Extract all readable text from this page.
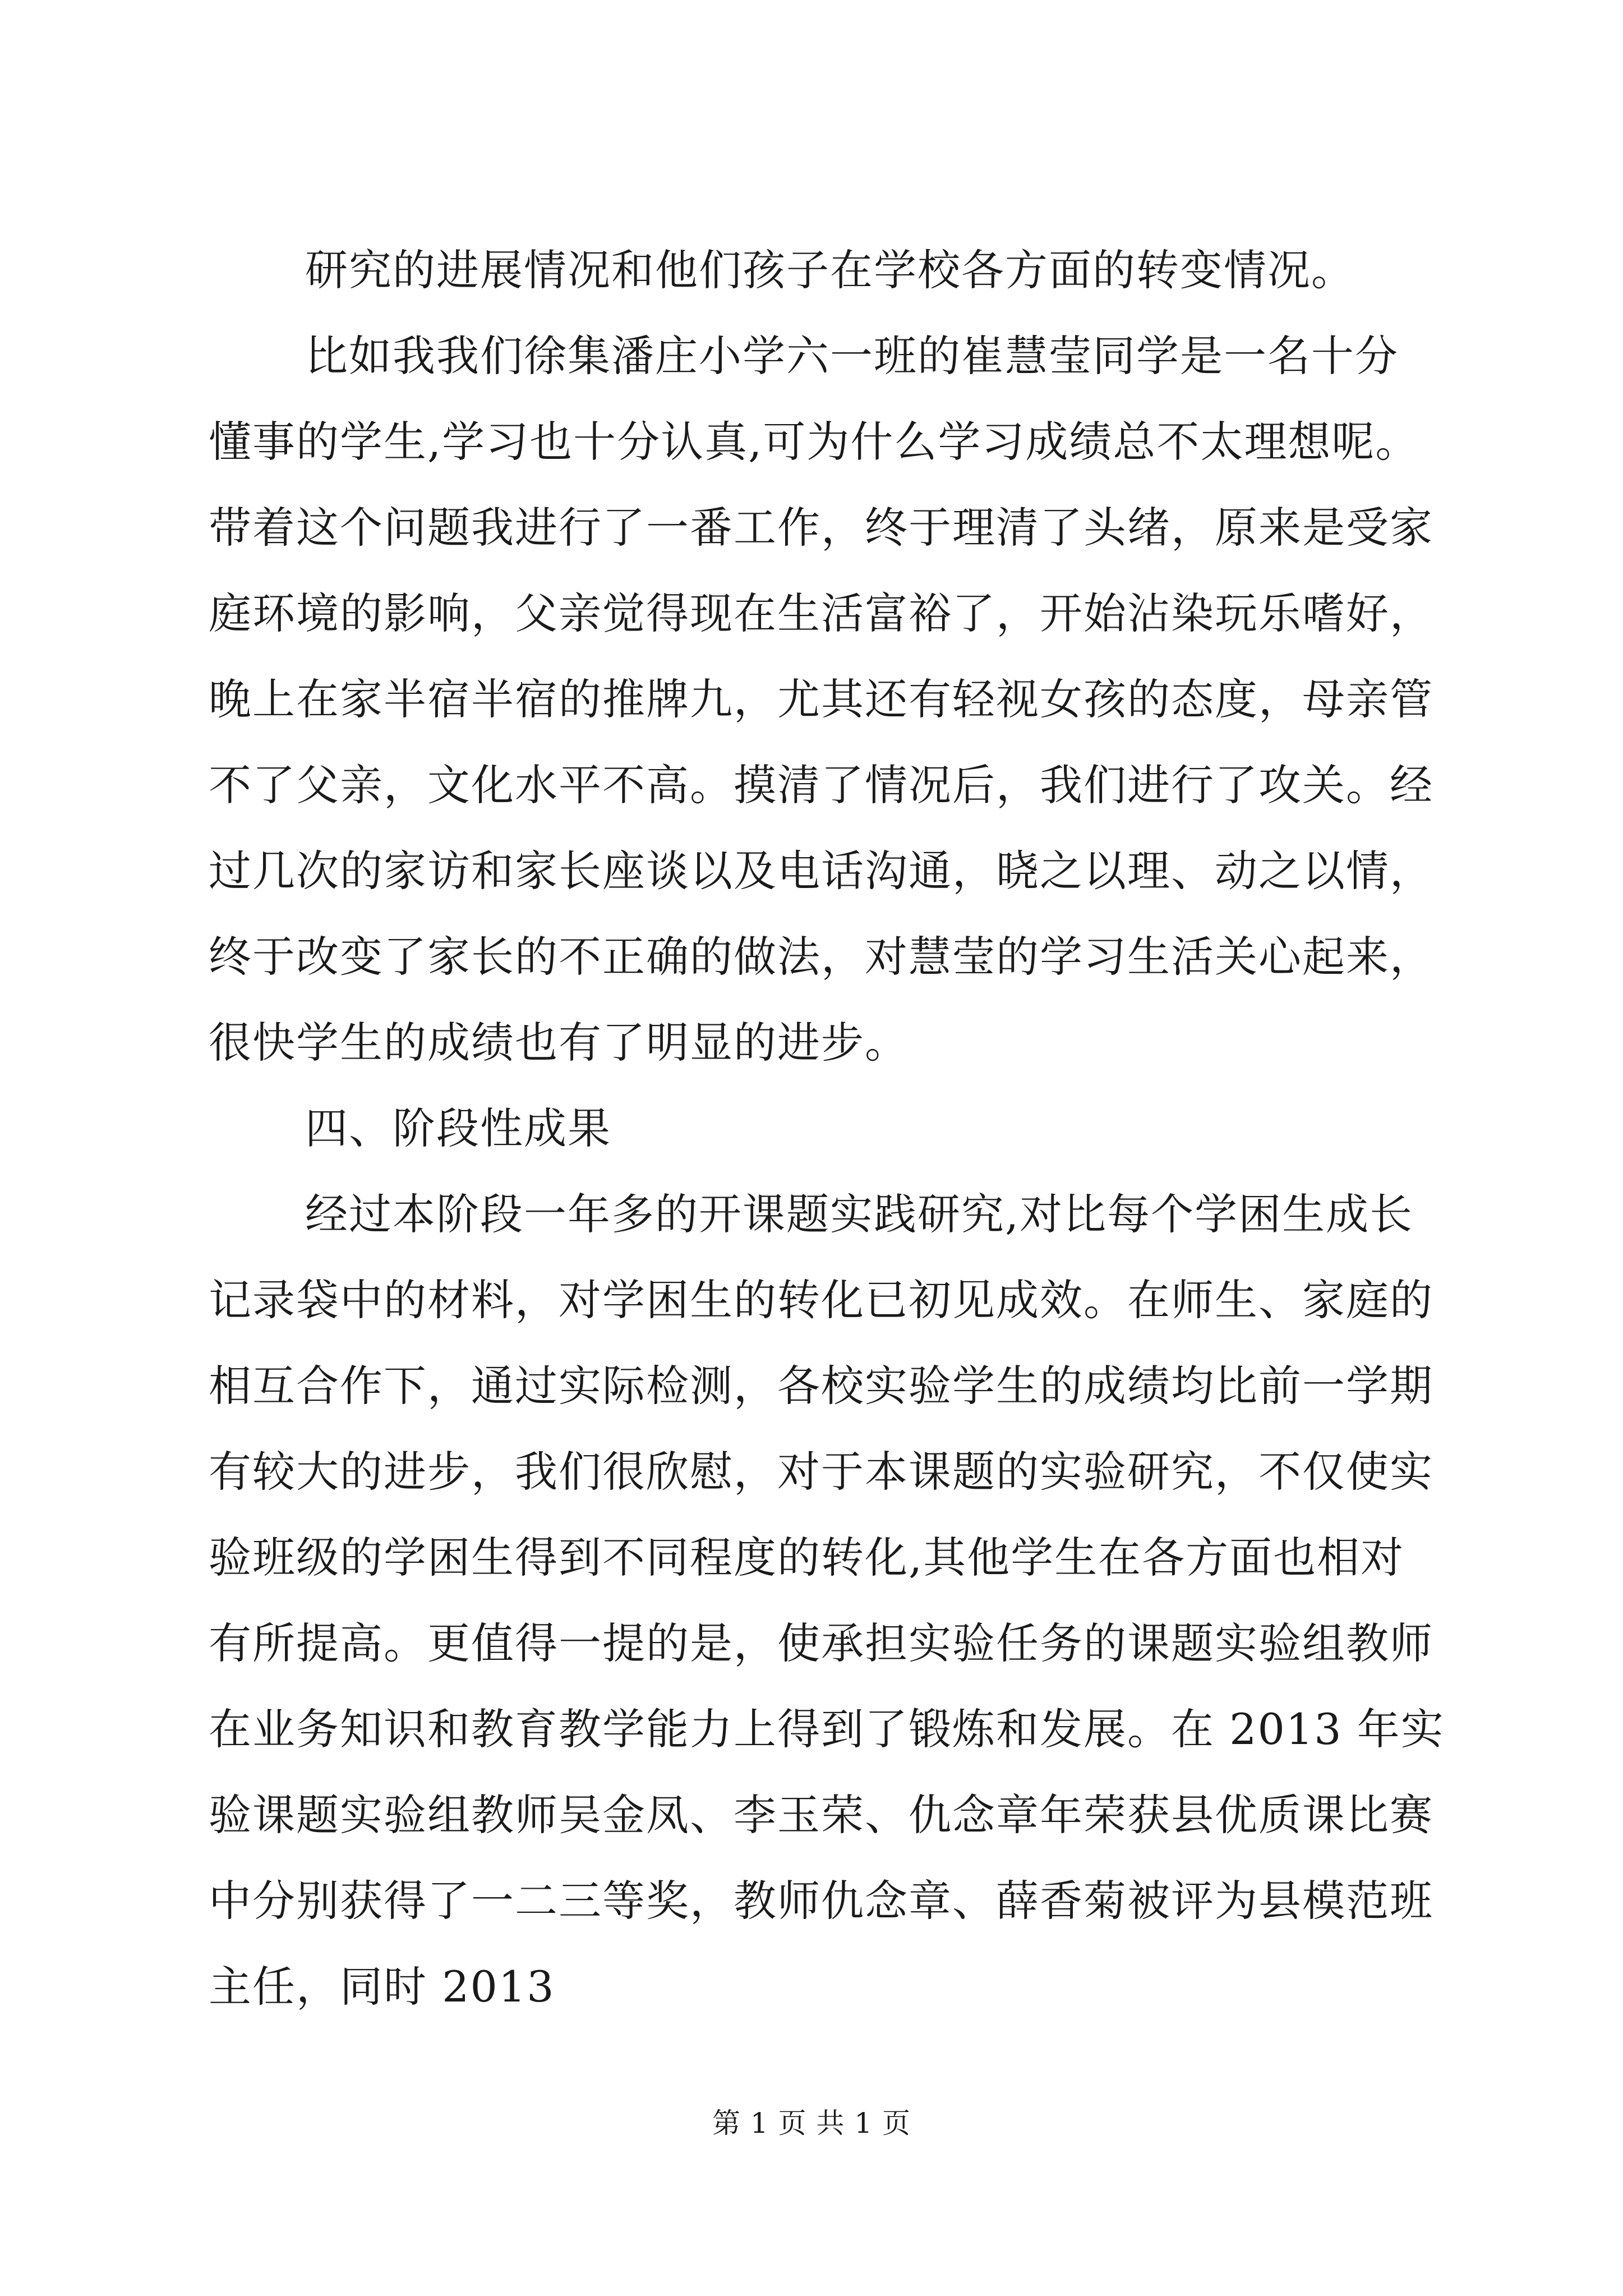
研究的进展情况和他们孩子在学校各方面的转变情况。
比如我我们徐集潘庄小学六一班的崔慧莹同学是一名十分
懂事的学生,学习也十分认真,可为什么学习成绩总不太理想呢。
带着这个问题我进行了一番工作，终于理清了头绪，原来是受家
庭环境的影响，父亲觉得现在生活富裕了，开始沾染玩乐嗜好，
晚上在家半宿半宿的推牌九，尤其还有轻视女孩的态度，母亲管
不了父亲，文化水平不高。摸清了情况后，我们进行了攻关。经
过几次的家访和家长座谈以及电话沟通，晓之以理、动之以情，
终于改变了家长的不正确的做法，对慧莹的学习生活关心起来，
很快学生的成绩也有了明显的进步。
四、阶段性成果
经过本阶段一年多的开课题实践研究,对比每个学困生成长
记录袋中的材料，对学困生的转化已初见成效。在师生、家庭的
相互合作下，通过实际检测，各校实验学生的成绩均比前一学期
有较大的进步，我们很欣慰，对于本课题的实验研究，不仅使实
验班级的学困生得到不同程度的转化,其他学生在各方面也相对
有所提高。更值得一提的是，使承担实验任务的课题实验组教师
在业务知识和教育教学能力上得到了锻炼和发展。在 2013 年实
验课题实验组教师吴金凤、李玉荣、仇念章年荣获县优质课比赛
中分别获得了一二三等奖，教师仇念章、薛香菊被评为县模范班
主任，同时 2013
第 1 页 共 1 页
